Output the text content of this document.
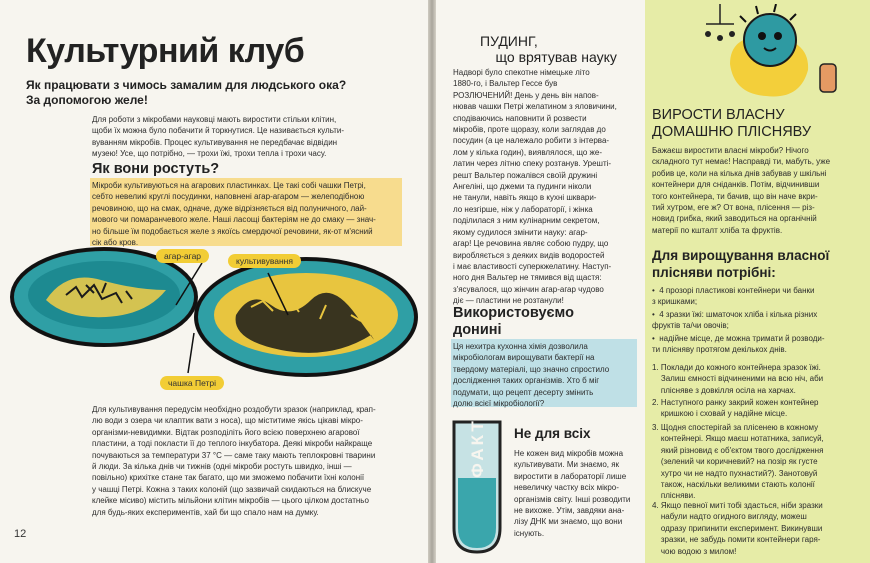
Культурний клуб
Як працювати з чимось замалим для людського ока?
За допомогою желе!
Для роботи з мікробами науковці мають виростити стільки клітин,
щоби їх можна було побачити й торкнутися. Це називається культи-
вуванням мікробів. Процес культивування не передбачає відвідин
музею! Усе, що потрібно, — трохи їжі, трохи тепла і трохи часу.
Як вони ростуть?
Мікроби культивуються на агарових пластинках. Це такі собі чашки Петрі,
себто невеликі круглі посудинки, наповнені агар-агаром — желеподібною
речовиною, що на смак, одначе, дуже відрізняється від полуничного, лай-
мового чи помаранчевого желе. Наші ласощі бактеріям не до смаку — знач-
но більше їм подобається желе з якоїсь смердючої речовини, як-от м'ясний
сік або кров.
агар-агар	культивування
чашка Петрі
Для культивування передусім необхідно роздобути зразок (наприклад, крап-
лю води з озера чи клаптик вати з носа), що міститиме якісь цікаві мікро-
організми-невидимки. Відтак розподіліть його всією поверхнею агарової
пластини, а тоді покласти її до теплого інкубатора. Деякі мікроби найкраще
почуваються за температури 37 °C — саме таку мають теплокровні тварини
й люди. За кілька днів чи тижнів (одні мікроби ростуть швидко, інші —
повільно) крихітке стане так багато, що ми зможемо побачити їхні колонії
у чашці Петрі. Кожна з таких колоній (що зазвичай скидаються на блискуче
клейке місиво) містить мільйони клітин мікробів — цього цілком достатньо
для будь-яких експериментів, хай би що спало нам на думку.
12
ПУДИНГ,
що врятував науку
Надворі було спекотне німецьке літо
1880-го, і Вальтер Гессе був
РОЗЛЮЧЕНИЙ! День у день він напов-
нював чашки Петрі желатином з яловичини,
сподіваючись наповнити й розвести
мікробів, проте щоразу, коли заглядав до
посудин (а це належало робити з інтерва-
лом у кілька годин), виявлялося, що же-
латин через літню спеку розтанув. Урешті-
решт Вальтер пожалівся своїй дружині
Ангеліні, що джеми та пудинги ніколи
не танули, навіть якщо в кухні шквари-
ло незгірше, ніж у лабораторії, і жінка
поділилася з ним кулінарним секретом,
якому судилося змінити науку: агар-
агар! Це речовина являє собою пудру, що
виробляється з деяких видів водоростей
і має властивості суперкжелатину. Наступ-
ного дня Вальтер не тямився від щастя:
з'ясувалося, що жінчин агар-агар чудово
діє — пластини не розтанули!
Використовуємо
донині
Ця нехитра кухонна хімія дозволила
мікробіологам вирощувати бактерії на
твердому матеріалі, що значно спростило
дослідження таких організмів. Хто б міг
подумати, що рецепт десерту змінить
долю всієї мікробіології?
ФАКТ Не для всіх
Не кожен вид мікробів можна
культивувати. Ми знаємо, як
виростити в лабораторії лише
невеличку частку всіх мікро-
організмів світу. Інші розводити
не вихоже. Утім, завдяки ана-
лізу ДНК ми знаємо, що вони
існують.
ВИРОСТИ ВЛАСНУ
ДОМАШНЮ ПЛІСНЯВУ
Бажаєш виростити власні мікроби? Нічого
складного тут немає! Насправді ти, мабуть, уже
робив це, коли на кілька днів забував у шкільні
контейнери для сніданків. Потім, відчинивши
того контейнера, ти бачив, що він наче вкри-
тий хутром, еге ж? От вона, плісення — різ-
новид грибка, який заводиться на органічній
матерії по кшталт хліба та фруктів.
Для вирощування власної
плісняви потрібні:
•  4 прозорі пластикові контейнери чи банки
з кришками;
•  4 зразки їжі: шматочок хліба і кілька різних
фруктів та/чи овочів;
•  надійне місце, де можна тримати й розводи-
ти плісняву протягом декількох днів.
1. Поклади до кожного контейнера зразок їжі.
Залиш ємності відчиненими на всю ніч, аби
плісняве з довкілля осіла на харчах.
2. Наступного ранку закрий кожен контейнер
кришкою і сховай у надійне місце.
3. Щодня спостерігай за плісенею в кожному
контейнері. Якщо маєш нотатника, записуй,
який різновид є об'єктом твого дослідження
(зелений чи коричневий? на позір як густе
хутро чи не надто пухнастий?). Занотовуй
також, наскільки великими стають колонії
плісняви.
4. Якщо певної миті тобі здасться, ніби зразки
набули надто огидного вигляду, можеш
одразу припинити експеримент. Викинувши
зразки, не забудь помити контейнери гаря-
чою водою з милом!
